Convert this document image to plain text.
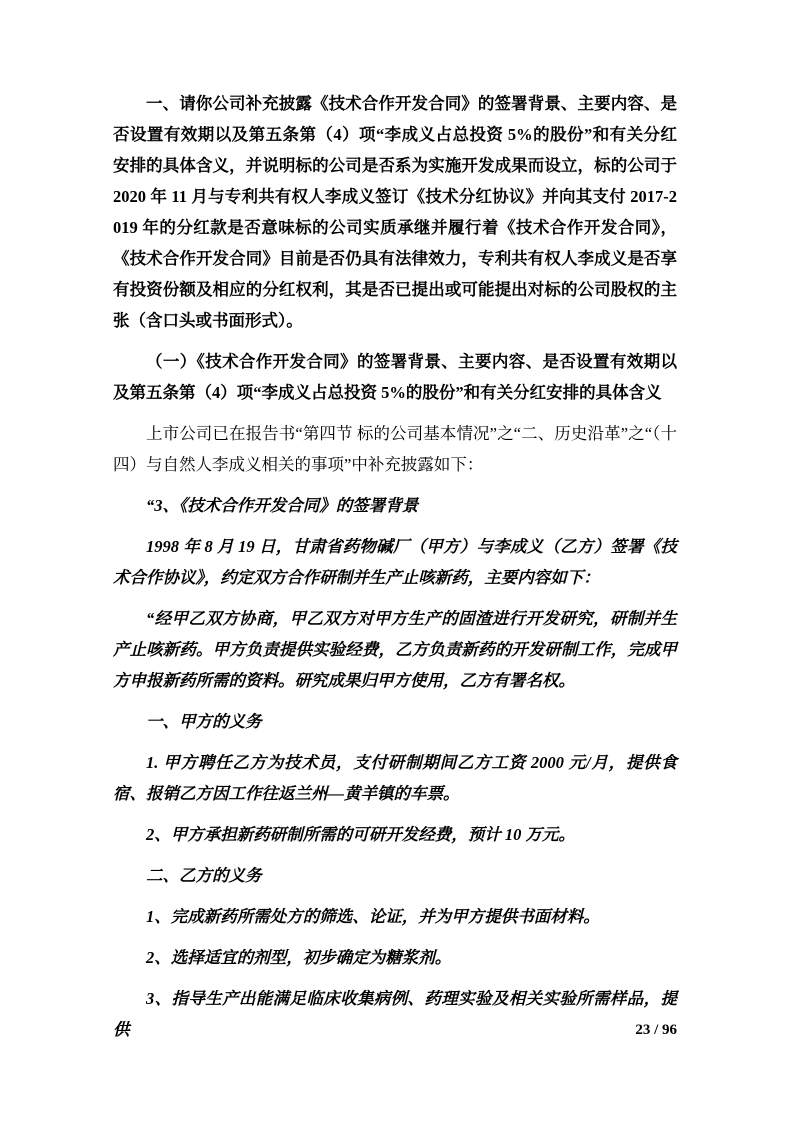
一、请你公司补充披露《技术合作开发合同》的签署背景、主要内容、是否设置有效期以及第五条第（4）项“李成义占总投资 5%的股份”和有关分红安排的具体含义，并说明标的公司是否系为实施开发成果而设立，标的公司于 2020 年 11 月与专利共有权人李成义签订《技术分红协议》并向其支付 2017-2019 年的分红款是否意味标的公司实质承继并履行着《技术合作开发合同》，《技术合作开发合同》目前是否仍具有法律效力，专利共有权人李成义是否享有投资份额及相应的分红权利，其是否已提出或可能提出对标的公司股权的主张（含口头或书面形式）。

（一）《技术合作开发合同》的签署背景、主要内容、是否设置有效期以及第五条第（4）项“李成义占总投资 5%的股份”和有关分红安排的具体含义

上市公司已在报告书“第四节 标的公司基本情况”之“二、历史沿革”之“（十四）与自然人李成义相关的事项”中补充披露如下：

“3、《技术合作开发合同》的签署背景

1998 年 8 月 19 日，甘肃省药物碱厂（甲方）与李成义（乙方）签署《技术合作协议》，约定双方合作研制并生产止咳新药，主要内容如下：

“经甲乙双方协商，甲乙双方对甲方生产的固渣进行开发研究，研制并生产止咳新药。甲方负责提供实验经费，乙方负责新药的开发研制工作，完成甲方申报新药所需的资料。研究成果归甲方使用，乙方有署名权。

一、甲方的义务

1. 甲方聘任乙方为技术员，支付研制期间乙方工资 2000 元/月，提供食宿、报销乙方因工作往返兰州—黄羊镇的车票。

2、甲方承担新药研制所需的可研开发经费，预计 10 万元。

二、乙方的义务

1、完成新药所需处方的筛选、论证，并为甲方提供书面材料。

2、选择适宜的剂型，初步确定为糖浆剂。

3、指导生产出能满足临床收集病例、药理实验及相关实验所需样品，提供	23 / 96
